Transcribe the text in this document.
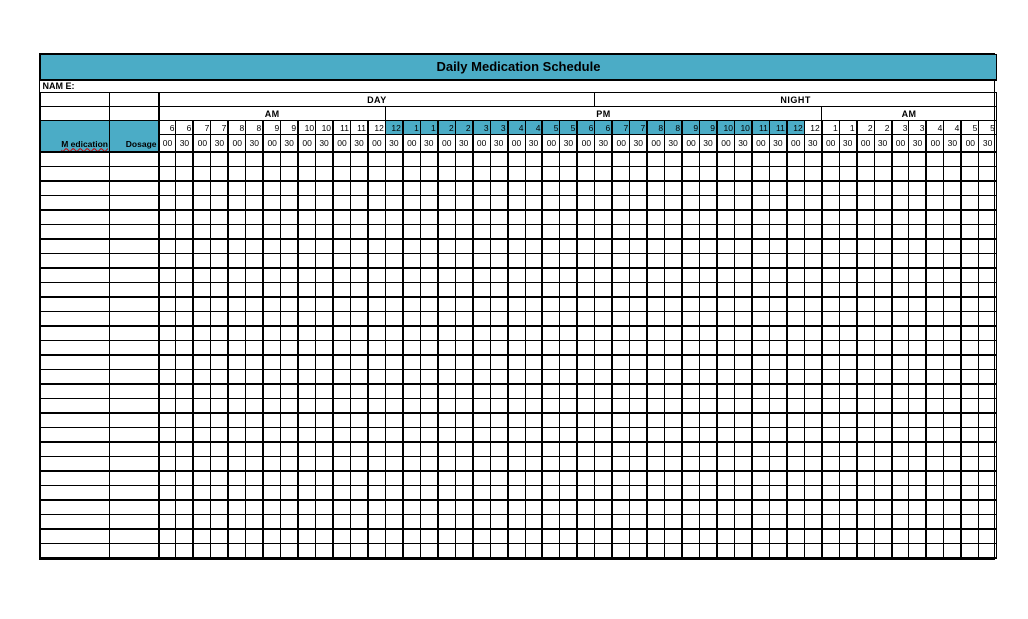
Daily Medication Schedule																																																	
NAM E:																																																	
		DAY																									NIGHT																						
		AM													PM																									AM									
M edication	Dosage	6	6	7	7	8	8	9	9	10	10	11	11	12	12	1	1	2	2	3	3	4	4	5	5	6	6	7	7	8	8	9	9	10	10	11	11	12	12	1	1	2	2	3	3	4	4	5	5
		00	30	00	30	00	30	00	30	00	30	00	30	00	30	00	30	00	30	00	30	00	30	00	30	00	30	00	30	00	30	00	30	00	30	00	30	00	30	00	30	00	30	00	30	00	30	00	30
